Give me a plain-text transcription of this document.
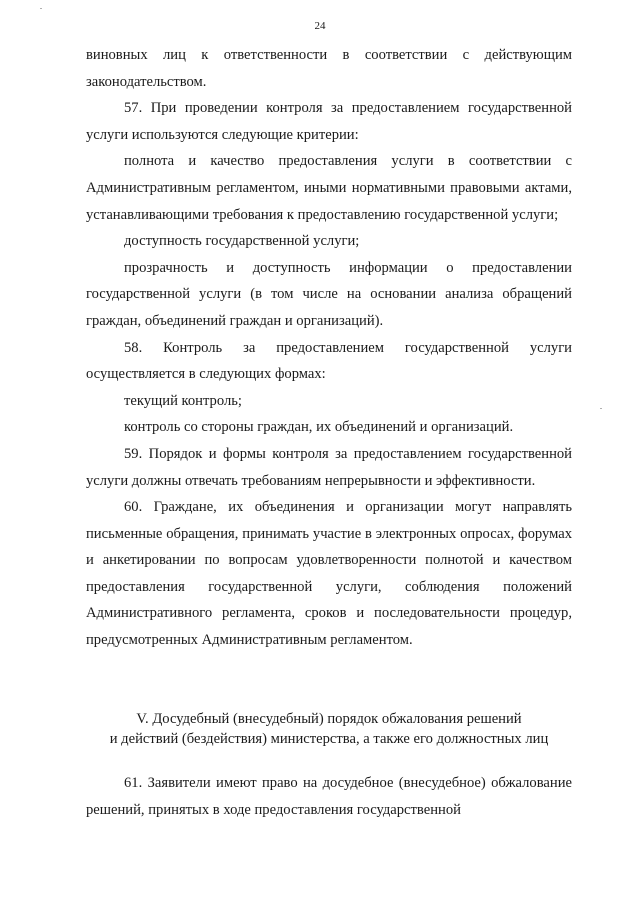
24

виновных лиц к ответственности в соответствии с действующим законодательством.

57. При проведении контроля за предоставлением государственной услуги используются следующие критерии:

полнота и качество предоставления услуги в соответствии с Административным регламентом, иными нормативными правовыми актами, устанавливающими требования к предоставлению государственной услуги;

доступность государственной услуги;

прозрачность и доступность информации о предоставлении государственной услуги (в том числе на основании анализа обращений граждан, объединений граждан и организаций).

58. Контроль за предоставлением государственной услуги осуществляется в следующих формах:

текущий контроль;

контроль со стороны граждан, их объединений и организаций.

59. Порядок и формы контроля за предоставлением государственной услуги должны отвечать требованиям непрерывности и эффективности.

60. Граждане, их объединения и организации могут направлять письменные обращения, принимать участие в электронных опросах, форумах и анкетировании по вопросам удовлетворенности полнотой и качеством предоставления государственной услуги, соблюдения положений Административного регламента, сроков и последовательности процедур, предусмотренных Административным регламентом.

V. Досудебный (внесудебный) порядок обжалования решений
и действий (бездействия) министерства, а также его должностных лиц

61. Заявители имеют право на досудебное (внесудебное) обжалование решений, принятых в ходе предоставления государственной
